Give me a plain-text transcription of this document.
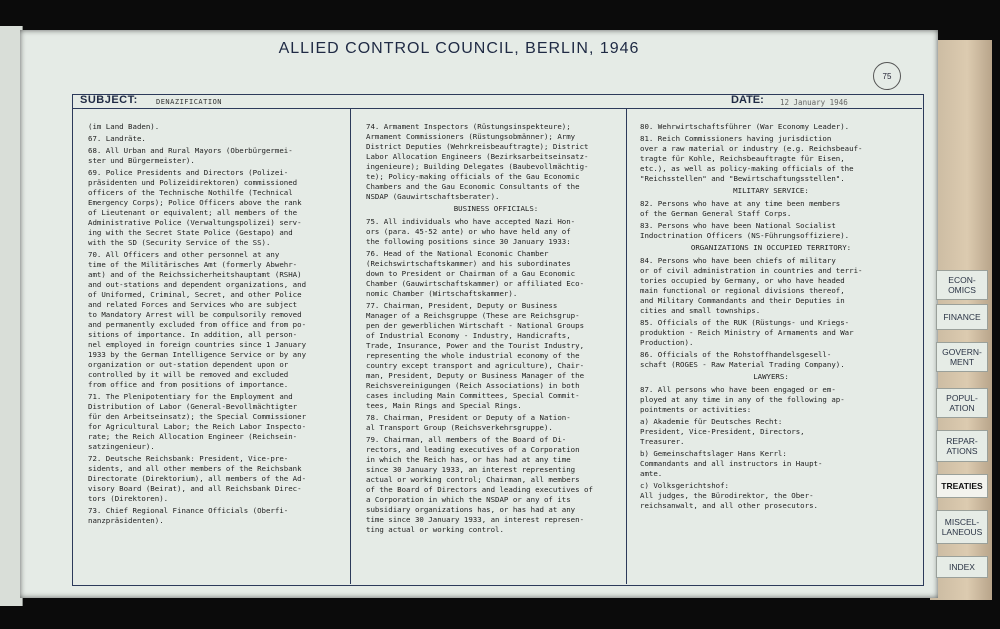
ALLIED CONTROL COUNCIL, BERLIN, 1946
75
SUBJECT:	DENAZIFICATION	DATE: 12 January 1946

(im Land Baden).

67. Landräte.

68. All Urban and Rural Mayors (Oberbürgermei-
ster und Bürgermeister).

69. Police Presidents and Directors (Polizei-
präsidenten und Polizeidirektoren) commissioned
officers of the Technische Nothilfe (Technical
Emergency Corps); Police Officers above the rank
of Lieutenant or equivalent; all members of the
Administrative Police (Verwaltungspolizei) serv-
ing with the Secret State Police (Gestapo) and
with the SD (Security Service of the SS).

70. All Officers and other personnel at any
time of the Militärisches Amt (formerly Abwehr-
amt) and of the Reichssicherheitshauptamt (RSHA)
and out-stations and dependent organizations, and
of Uniformed, Criminal, Secret, and other Police
and related Forces and Services who are subject
to Mandatory Arrest will be compulsorily removed
and permanently excluded from office and from po-
sitions of importance. In addition, all person-
nel employed in foreign countries since 1 January
1933 by the German Intelligence Service or by any
organization or out-station dependent upon or
controlled by it will be removed and excluded
from office and from positions of importance.

71. The Plenipotentiary for the Employment and
Distribution of Labor (General-Bevollmächtigter
für den Arbeitseinsatz); the Special Commissioner
for Agricultural Labor; the Reich Labor Inspecto-
rate; the Reich Allocation Engineer (Reichsein-
satzingenieur).

72. Deutsche Reichsbank: President, Vice-pre-
sidents, and all other members of the Reichsbank
Directorate (Direktorium), all members of the Ad-
visory Board (Beirat), and all Reichsbank Direc-
tors (Direktoren).

73. Chief Regional Finance Officials (Oberfi-
nanzpräsidenten).

74. Armament Inspectors (Rüstungsinspekteure);
Armament Commissioners (Rüstungsobmänner); Army
District Deputies (Wehrkreisbeauftragte); District
Labor Allocation Engineers (Bezirksarbeitseinsatz-
ingenieure); Building Delegates (Baubevollmächtig-
te); Policy-making officials of the Gau Economic
Chambers and the Gau Economic Consultants of the
NSDAP (Gauwirtschaftsberater).

BUSINESS OFFICIALS:

75. All individuals who have accepted Nazi Hon-
ors (para. 45-52 ante) or who have held any of
the following positions since 30 January 1933:

76. Head of the National Economic Chamber
(Reichswirtschaftskammer) and his subordinates
down to President or Chairman of a Gau Economic
Chamber (Gauwirtschaftskammer) or affiliated Eco-
nomic Chamber (Wirtschaftskammer).

77. Chairman, President, Deputy or Business
Manager of a Reichsgruppe (These are Reichsgrup-
pen der gewerblichen Wirtschaft - National Groups
of Industrial Economy - Industry, Handicrafts,
Trade, Insurance, Power and the Tourist Industry,
representing the whole industrial economy of the
country except transport and agriculture), Chair-
man, President, Deputy or Business Manager of the
Reichsvereinigungen (Reich Associations) in both
cases including Main Committees, Special Commit-
tees, Main Rings and Special Rings.

78. Chairman, President or Deputy of a Nation-
al Transport Group (Reichsverkehrsgruppe).

79. Chairman, all members of the Board of Di-
rectors, and leading executives of a Corporation
in which the Reich has, or has had at any time
since 30 January 1933, an interest representing
actual or working control; Chairman, all members
of the Board of Directors and leading executives of
a Corporation in which the NSDAP or any of its
subsidiary organizations has, or has had at any
time since 30 January 1933, an interest represen-
ting actual or working control.

80. Wehrwirtschaftsführer (War Economy Leader).

81. Reich Commissioners having jurisdiction
over a raw material or industry (e.g. Reichsbeauf-
tragte für Kohle, Reichsbeauftragte für Eisen,
etc.), as well as policy-making officials of the
"Reichsstellen" and "Bewirtschaftungsstellen".

MILITARY SERVICE:

82. Persons who have at any time been members
of the German General Staff Corps.

83. Persons who have been National Socialist
Indoctrination Officers (NS-Führungsoffiziere).

ORGANIZATIONS IN OCCUPIED TERRITORY:

84. Persons who have been chiefs of military
or of civil administration in countries and terri-
tories occupied by Germany, or who have headed
main functional or regional divisions thereof,
and Military Commandants and their Deputies in
cities and small townships.

85. Officials of the RUK (Rüstungs- und Kriegs-
produktion - Reich Ministry of Armaments and War
Production).

86. Officials of the Rohstoffhandelsgesell-
schaft (ROGES - Raw Material Trading Company).

LAWYERS:

87. All persons who have been engaged or em-
ployed at any time in any of the following ap-
pointments or activities:

a) Akademie für Deutsches Recht:
President, Vice-President, Directors,
Treasurer.

b) Gemeinschaftslager Hans Kerrl:
Commandants and all instructors in Haupt-
amte.

c) Volksgerichtshof:
All judges, the Bürodirektor, the Ober-
reichsanwalt, and all other prosecutors.

ECON-
OMICS
FINANCE
GOVERN-
MENT
POPUL-
ATION
REPAR-
ATIONS
TREATIES
MISCEL-
LANEOUS
INDEX
